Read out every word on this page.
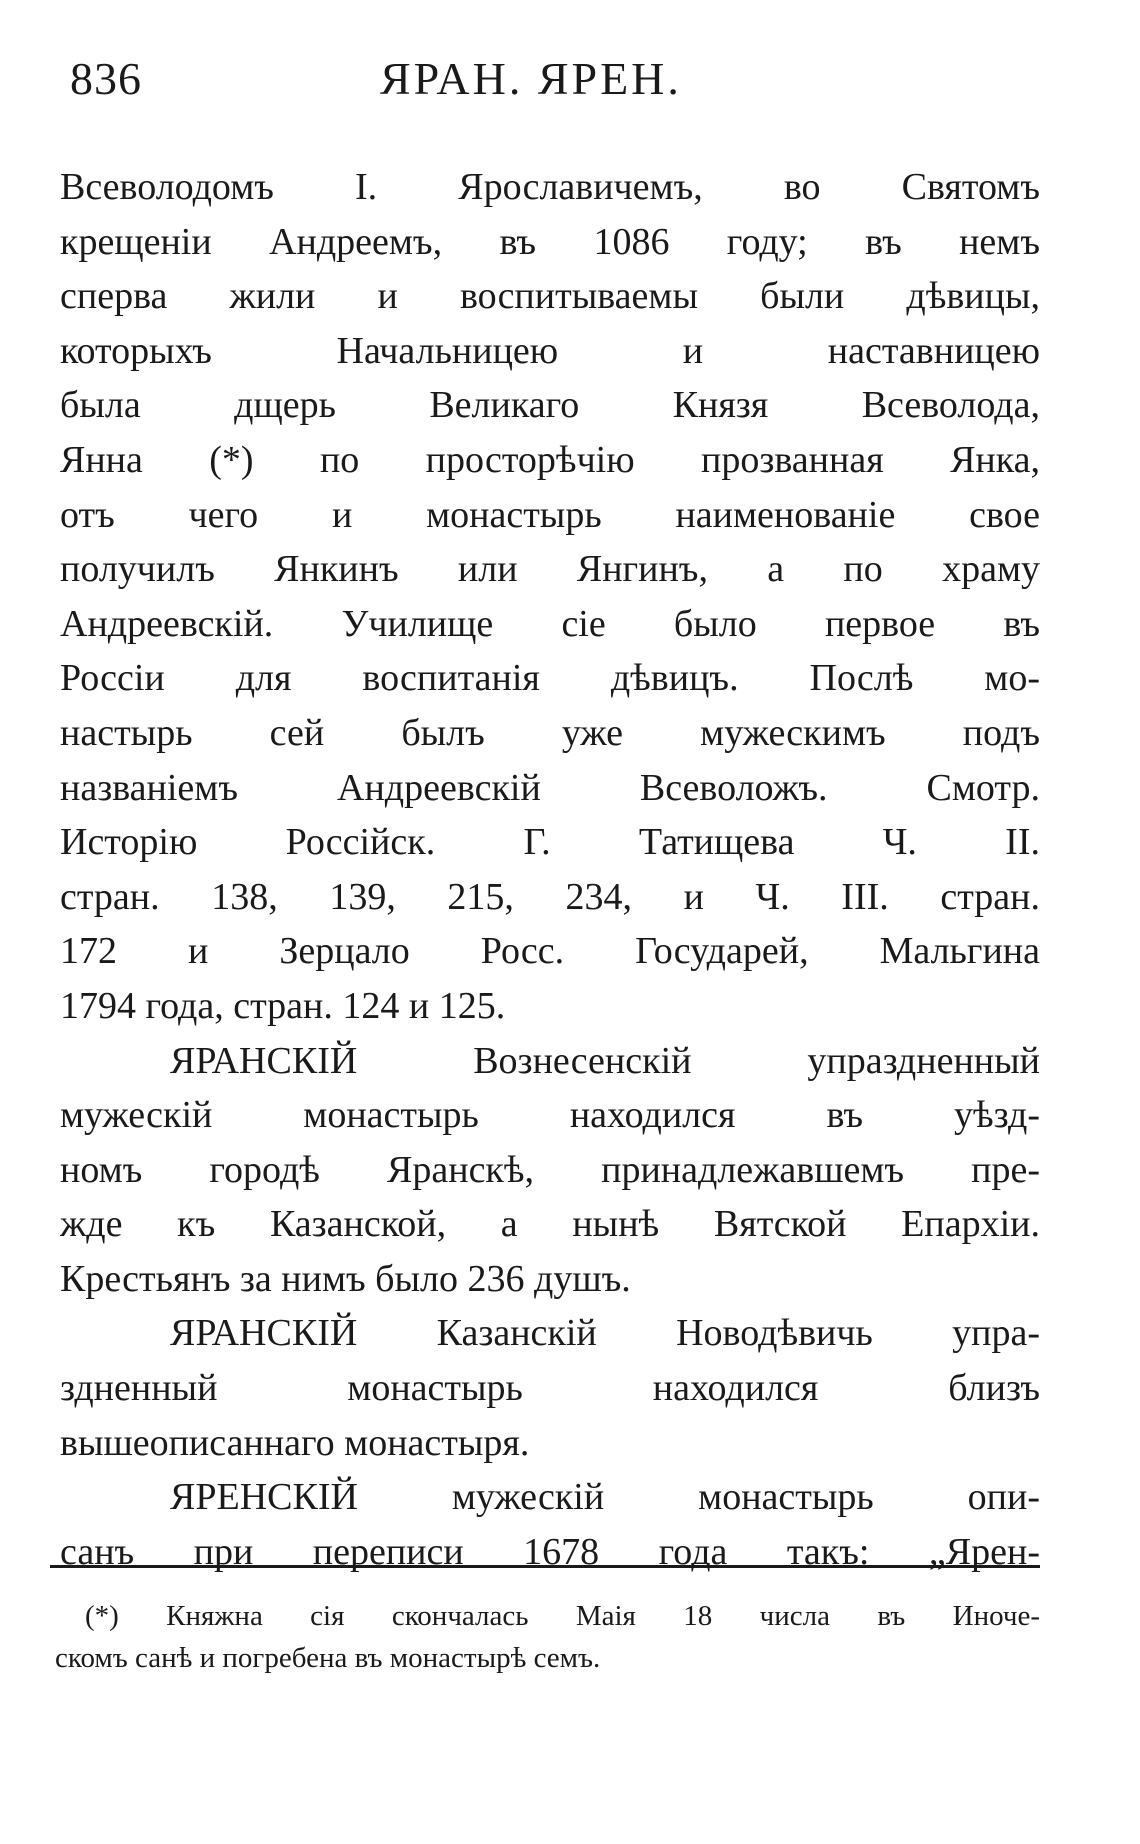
836	ЯРАН. ЯРЕН.
Всеволодомъ I. Ярославичемъ, во Святомъ
крещенiи Андреемъ, въ 1086 году; въ немъ
сперва жили и воспитываемы были дѣвицы,
которыхъ Начальницею и наставницею
была дщерь Великаго Князя Всеволода,
Янна (*) по просторѣчiю прозванная Янка,
отъ чего и монастырь наименованiе свое
получилъ Янкинъ или Янгинъ, а по храму
Андреевскiй. Училище сiе было первое въ
Россiи для воспитанiя дѣвицъ. Послѣ мо-
настырь сей былъ уже мужескимъ подъ
названiемъ Андреевскiй Всеволожъ. Смотр.
Исторiю Россiйск. Г. Татищева Ч. II.
стран. 138, 139, 215, 234, и Ч. III. стран.
172 и Зерцало Росс. Государей, Мальгина
1794 года, стран. 124 и 125.
ЯРАНСКIЙ Вознесенскiй упраздненный
мужескiй монастырь находился въ уѣзд-
номъ городѣ Яранскѣ, принадлежавшемъ пре-
жде къ Казанской, а нынѣ Вятской Епархiи.
Крестьянъ за нимъ было 236 душъ.
ЯРАНСКIЙ Казанскiй Новодѣвичь упра-
здненный монастырь находился близъ
вышеописаннаго монастыря.
ЯРЕНСКIЙ мужескiй монастырь опи-
санъ при переписи 1678 года такъ: „Ярен-
(*) Княжна сiя скончалась Маiя 18 числа въ Иноче-
скомъ санѣ и погребена въ монастырѣ семъ.
